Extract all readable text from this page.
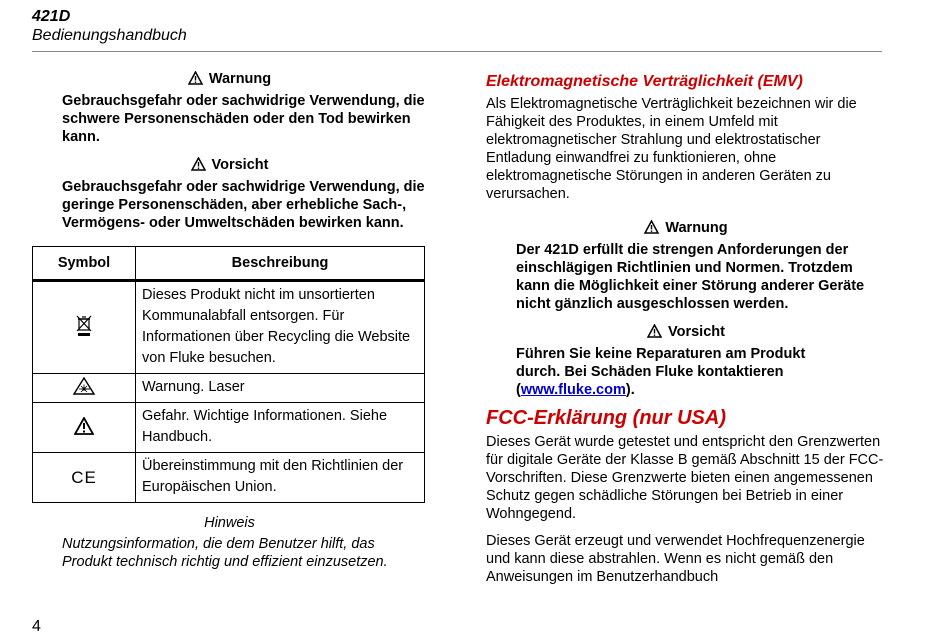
421D
Bedienungshandbuch
Warnung

Gebrauchsgefahr oder sachwidrige Verwendung, die schwere Personenschäden oder den Tod bewirken kann.

Vorsicht

Gebrauchsgefahr oder sachwidrige Verwendung, die geringe Personenschäden, aber erhebliche Sach-, Vermögens- oder Umweltschäden bewirken kann.

Symbol	Beschreibung
	Dieses Produkt nicht im unsortierten Kommunalabfall entsorgen. Für Informationen über Recycling die Website von Fluke besuchen.
	Warnung. Laser
	Gefahr. Wichtige Informationen. Siehe Handbuch.
CE	Übereinstimmung mit den Richtlinien der Europäischen Union.
Hinweis

Nutzungsinformation, die dem Benutzer hilft, das Produkt technisch richtig und effizient einzusetzen.

Elektromagnetische Verträglichkeit (EMV)

Als Elektromagnetische Verträglichkeit bezeichnen wir die Fähigkeit des Produktes, in einem Umfeld mit elektromagnetischer Strahlung und elektrostatischer Entladung einwandfrei zu funktionieren, ohne elektromagnetische Störungen in anderen Geräten zu verursachen.

Warnung

Der 421D erfüllt die strengen Anforderungen der einschlägigen Richtlinien und Normen. Trotzdem kann die Möglichkeit einer Störung anderer Geräte nicht gänzlich ausgeschlossen werden.

Vorsicht

Führen Sie keine Reparaturen am Produkt durch. Bei Schäden Fluke kontaktieren (www.fluke.com).

FCC-Erklärung (nur USA)

Dieses Gerät wurde getestet und entspricht den Grenzwerten für digitale Geräte der Klasse B gemäß Abschnitt 15 der FCC-Vorschriften. Diese Grenzwerte bieten einen angemessenen Schutz gegen schädliche Störungen bei Betrieb in einer Wohngegend.

Dieses Gerät erzeugt und verwendet Hochfrequenzenergie und kann diese abstrahlen. Wenn es nicht gemäß den Anweisungen im Benutzerhandbuch

4
